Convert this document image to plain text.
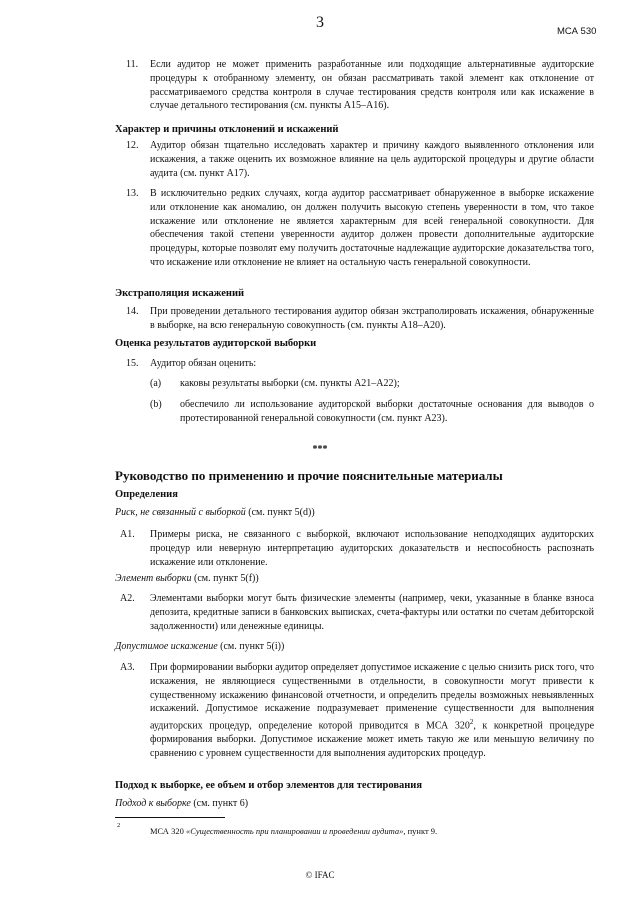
3
МСА 530
11. Если аудитор не может применить разработанные или подходящие альтернативные аудиторские процедуры к отобранному элементу, он обязан рассматривать такой элемент как отклонение от рассматриваемого средства контроля в случае тестирования средств контроля или как искажение в случае детального тестирования (см. пункты А15–А16).
Характер и причины отклонений и искажений
12. Аудитор обязан тщательно исследовать характер и причину каждого выявленного отклонения или искажения, а также оценить их возможное влияние на цель аудиторской процедуры и другие области аудита (см. пункт А17).
13. В исключительно редких случаях, когда аудитор рассматривает обнаруженное в выборке искажение или отклонение как аномалию, он должен получить высокую степень уверенности в том, что такое искажение или отклонение не является характерным для всей генеральной совокупности. Для обеспечения такой степени уверенности аудитор должен провести дополнительные аудиторские процедуры, которые позволят ему получить достаточные надлежащие аудиторские доказательства того, что искажение или отклонение не влияет на остальную часть генеральной совокупности.
Экстраполяция искажений
14. При проведении детального тестирования аудитор обязан экстраполировать искажения, обнаруженные в выборке, на всю генеральную совокупность (см. пункты А18–А20).
Оценка результатов аудиторской выборки
15. Аудитор обязан оценить:
(a) каковы результаты выборки (см. пункты А21–А22);
(b) обеспечило ли использование аудиторской выборки достаточные основания для выводов о протестированной генеральной совокупности (см. пункт А23).
***
Руководство по применению и прочие пояснительные материалы
Определения
Риск, не связанный с выборкой (см. пункт 5(d))
A1. Примеры риска, не связанного с выборкой, включают использование неподходящих аудиторских процедур или неверную интерпретацию аудиторских доказательств и неспособность распознать искажение или отклонение.
Элемент выборки (см. пункт 5(f))
A2. Элементами выборки могут быть физические элементы (например, чеки, указанные в бланке взноса депозита, кредитные записи в банковских выписках, счета-фактуры или остатки по счетам дебиторской задолженности) или денежные единицы.
Допустимое искажение (см. пункт 5(i))
A3. При формировании выборки аудитор определяет допустимое искажение с целью снизить риск того, что искажения, не являющиеся существенными в отдельности, в совокупности могут привести к существенному искажению финансовой отчетности, и определить пределы возможных невыявленных искажений. Допустимое искажение подразумевает применение существенности для выполнения аудиторских процедур, определение которой приводится в МСА $320^2$, к конкретной процедуре формирования выборки. Допустимое искажение может иметь такую же или меньшую величину по сравнению с уровнем существенности для выполнения аудиторских процедур.
Подход к выборке, ее объем и отбор элементов для тестирования
Подход к выборке (см. пункт 6)
2
МСА 320 «Существенность при планировании и проведении аудита», пункт 9.
© IFAC
